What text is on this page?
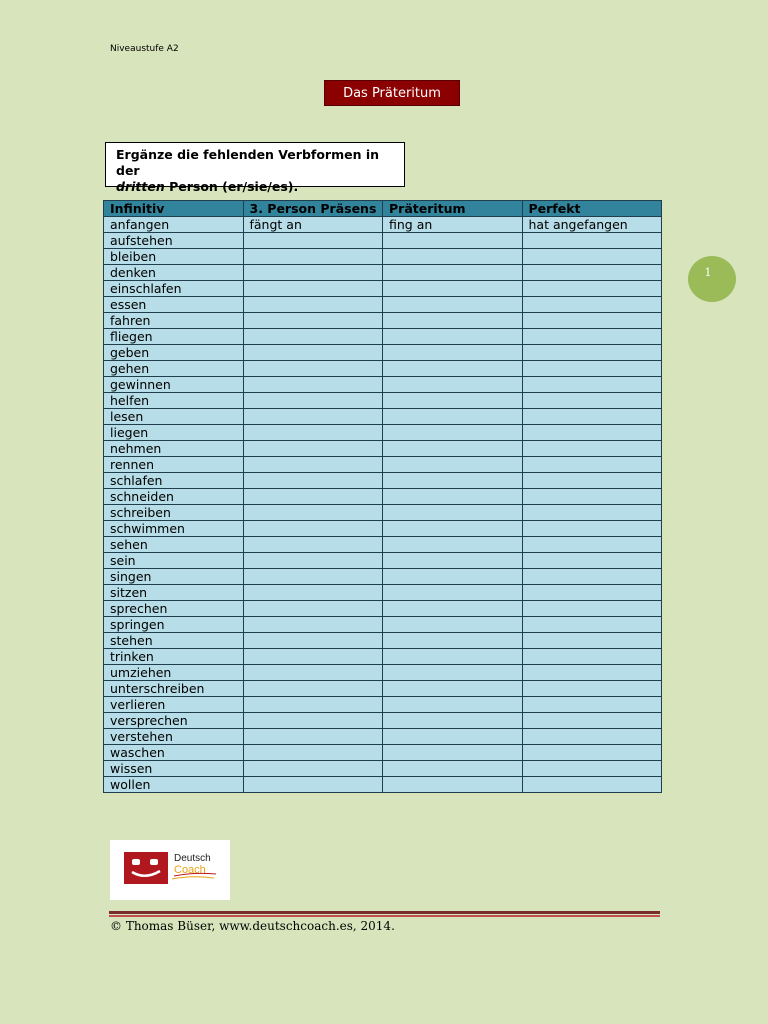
Niveaustufe A2
Das Präteritum
Ergänze die fehlenden Verbformen in der
dritten Person (er/sie/es).
1
Infinitiv	3. Person Präsens	Präteritum	Perfekt
anfangen	fängt an	fing an	hat angefangen
aufstehen			
bleiben			
denken			
einschlafen			
essen			
fahren			
fliegen			
geben			
gehen			
gewinnen			
helfen			
lesen			
liegen			
nehmen			
rennen			
schlafen			
schneiden			
schreiben			
schwimmen			
sehen			
sein			
singen			
sitzen			
sprechen			
springen			
stehen			
trinken			
umziehen			
unterschreiben			
verlieren			
versprechen			
verstehen			
waschen			
wissen			
wollen			
Deutsch
Coach
© Thomas Büser, www.deutschcoach.es, 2014.
